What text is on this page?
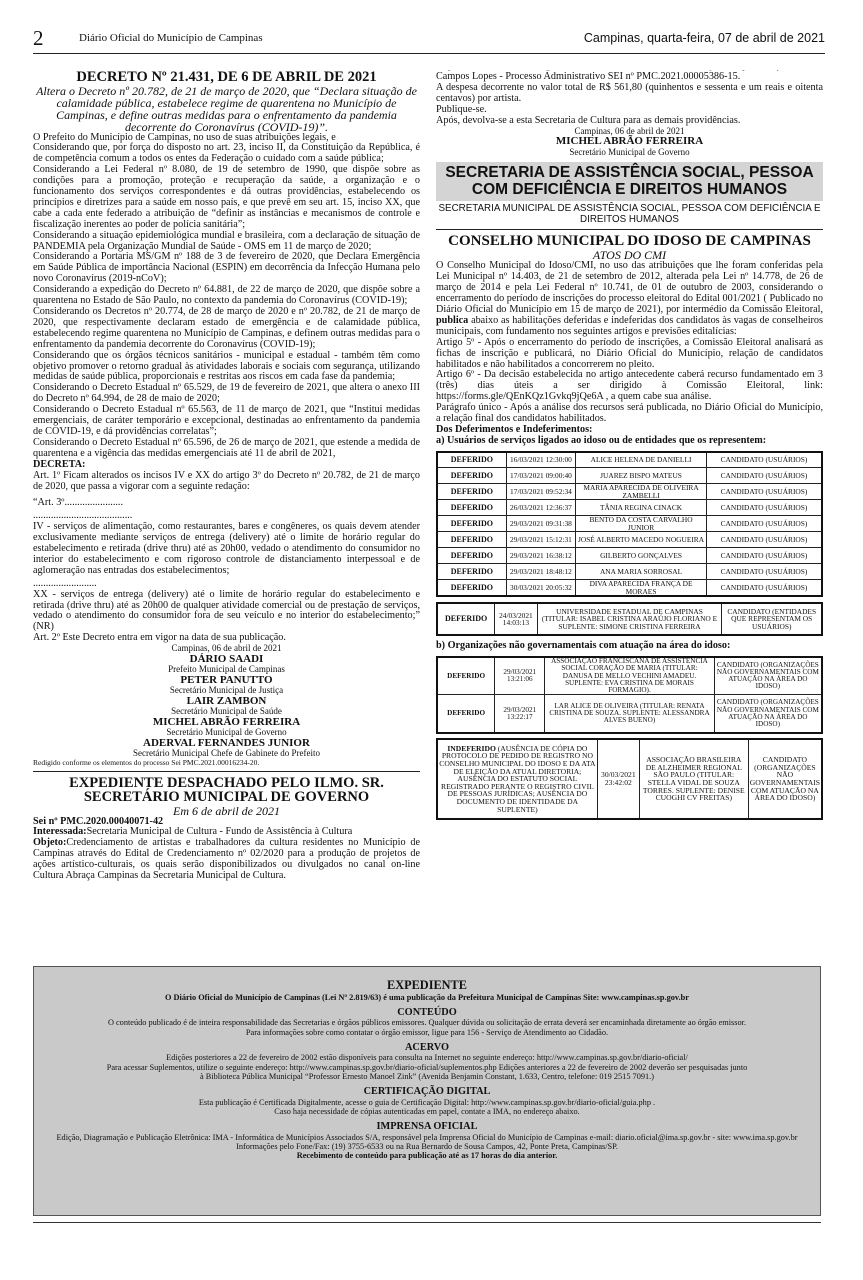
2	Diário Oficial do Município de Campinas	Campinas, quarta-feira, 07 de abril de 2021
DECRETO Nº 21.431, DE 6 DE ABRIL DE 2021
Altera o Decreto nº 20.782, de 21 de março de 2020, que “Declara situação de calamidade pública, estabelece regime de quarentena no Município de Campinas, e define outras medidas para o enfrentamento da pandemia decorrente do Coronavírus (COVID-19)”.

O Prefeito do Município de Campinas, no uso de suas atribuições legais, e

Considerando que, por força do disposto no art. 23, inciso II, da Constituição da República, é de competência comum a todos os entes da Federação o cuidado com a saúde pública;

Considerando a Lei Federal nº 8.080, de 19 de setembro de 1990, que dispõe sobre as condições para a promoção, proteção e recuperação da saúde, a organização e o funcionamento dos serviços correspondentes e dá outras providências, estabelecendo os princípios e diretrizes para a saúde em nosso país, e que prevê em seu art. 15, inciso XX, que cabe a cada ente federado a atribuição de “definir as instâncias e mecanismos de controle e fiscalização inerentes ao poder de polícia sanitária”;

Considerando a situação epidemiológica mundial e brasileira, com a declaração de situação de PANDEMIA pela Organização Mundial de Saúde - OMS em 11 de março de 2020;

Considerando a Portaria MS/GM nº 188 de 3 de fevereiro de 2020, que Declara Emergência em Saúde Pública de importância Nacional (ESPIN) em decorrência da Infecção Humana pelo novo Coronavírus (2019-nCoV);

Considerando a expedição do Decreto nº 64.881, de 22 de março de 2020, que dispõe sobre a quarentena no Estado de São Paulo, no contexto da pandemia do Coronavírus (COVID-19);

Considerando os Decretos nº 20.774, de 28 de março de 2020 e nº 20.782, de 21 de março de 2020, que respectivamente declaram estado de emergência e de calamidade pública, estabelecendo regime quarentena no Município de Campinas, e definem outras medidas para o enfrentamento da pandemia decorrente do Coronavírus (COVID-19);

Considerando que os órgãos técnicos sanitários - municipal e estadual - também têm como objetivo promover o retorno gradual às atividades laborais e sociais com segurança, utilizando medidas de saúde pública, proporcionais e restritas aos riscos em cada fase da pandemia;

Considerando o Decreto Estadual nº 65.529, de 19 de fevereiro de 2021, que altera o anexo III do Decreto nº 64.994, de 28 de maio de 2020;

Considerando o Decreto Estadual nº 65.563, de 11 de março de 2021, que “Institui medidas emergenciais, de caráter temporário e excepcional, destinadas ao enfrentamento da pandemia de COVID-19, e dá providências correlatas”;

Considerando o Decreto Estadual nº 65.596, de 26 de março de 2021, que estende a medida de quarentena e a vigência das medidas emergenciais até 11 de abril de 2021,

DECRETA:

Art. 1º Ficam alterados os incisos IV e XX do artigo 3º do Decreto nº 20.782, de 21 de março de 2020, que passa a vigorar com a seguinte redação:

“Art. 3º.......................

.......................................

IV - serviços de alimentação, como restaurantes, bares e congêneres, os quais devem atender exclusivamente mediante serviços de entrega (delivery) até o limite de horário regular do estabelecimento e retirada (drive thru) até as 20h00, vedado o atendimento do consumidor no interior do estabelecimento e com rigoroso controle de distanciamento interpessoal e de aglomeração nas entradas dos estabelecimentos;

.........................

XX - serviços de entrega (delivery) até o limite de horário regular do estabelecimento e retirada (drive thru) até as 20h00 de qualquer atividade comercial ou de prestação de serviços, vedado o atendimento do consumidor fora de seu veículo e no interior do estabelecimento;” (NR)

Art. 2º Este Decreto entra em vigor na data de sua publicação.

Campinas, 06 de abril de 2021
DÁRIO SAADI
Prefeito Municipal de Campinas
PETER PANUTTO
Secretário Municipal de Justiça
LAIR ZAMBON
Secretário Municipal de Saúde
MICHEL ABRÃO FERREIRA
Secretário Municipal de Governo
ADERVAL FERNANDES JUNIOR
Secretário Municipal Chefe de Gabinete do Prefeito

Redigido conforme os elementos do processo Sei PMC.2021.00016234-20.

EXPEDIENTE DESPACHADO PELO ILMO. SR. SECRETÁRIO MUNICIPAL DE GOVERNO
Em 6 de abril de 2021

Sei nº PMC.2020.00040071-42

Interessada:Secretaria Municipal de Cultura - Fundo de Assistência à Cultura

Objeto:Credenciamento de artistas e trabalhadores da cultura residentes no Município de Campinas através do Edital de Credenciamento nº 02/2020 para a produção de projetos de ações artístico-culturais, os quais serão disponibilizados ou divulgados no canal on-line Cultura Abraça Campinas da Secretaria Municipal de Cultura.

Campos Lopes - Processo Administrativo SEI nº PMC.2021.00005386-15.

A despesa decorrente no valor total de R$ 561,80 (quinhentos e sessenta e um reais e oitenta centavos) por artista.

Publique-se.

Após, devolva-se a esta Secretaria de Cultura para as demais providências.

Campinas, 06 de abril de 2021
MICHEL ABRÃO FERREIRA
Secretário Municipal de Governo
SECRETARIA DE ASSISTÊNCIA SOCIAL, PESSOA COM DEFICIÊNCIA E DIREITOS HUMANOS
SECRETARIA MUNICIPAL DE ASSISTÊNCIA SOCIAL, PESSOA COM DEFICIÊNCIA E DIREITOS HUMANOS
CONSELHO MUNICIPAL DO IDOSO DE CAMPINAS
ATOS DO CMI

O Conselho Municipal do Idoso/CMI, no uso das atribuições que lhe foram conferidas pela Lei Municipal nº 14.403, de 21 de setembro de 2012, alterada pela Lei nº 14.778, de 26 de março de 2014 e pela Lei Federal nº 10.741, de 01 de outubro de 2003, considerando o encerramento do período de inscrições do processo eleitoral do Edital 001/2021 ( Publicado no Diário Oficial do Município em 15 de março de 2021), por intermédio da Comissão Eleitoral, publica abaixo as habilitações deferidas e indeferidas dos candidatos às vagas de conselheiros municipais, com fundamento nos seguintes artigos e previsões editalícias:

Artigo 5º - Após o encerramento do período de inscrições, a Comissão Eleitoral analisará as fichas de inscrição e publicará, no Diário Oficial do Município, relação de candidatos habilitados e não habilitados a concorrerem no pleito.

Artigo 6º - Da decisão estabelecida no artigo antecedente caberá recurso fundamentado em 3 (três) dias úteis a ser dirigido à Comissão Eleitoral, link: https://forms.gle/QEnKQz1Gvkq9jQe6A , a quem cabe sua análise.

Parágrafo único - Após a análise dos recursos será publicada, no Diário Oficial do Município, a relação final dos candidatos habilitados.

Dos Deferimentos e Indeferimentos:

a) Usuários de serviços ligados ao idoso ou de entidades que os representem:

DEFERIDO	16/03/2021 12:30:00	ALICE HELENA DE DANIELLI	CANDIDATO (USUÁRIOS)
DEFERIDO	17/03/2021 09:00:40	JUAREZ BISPO MATEUS	CANDIDATO (USUÁRIOS)
DEFERIDO	17/03/2021 09:52:34	MARIA APARECIDA DE OLIVEIRA ZAMBELLI	CANDIDATO (USUÁRIOS)
DEFERIDO	26/03/2021 12:36:37	TÂNIA REGINA CINACK	CANDIDATO (USUÁRIOS)
DEFERIDO	29/03/2021 09:31:38	BENTO DA COSTA CARVALHO JUNIOR	CANDIDATO (USUÁRIOS)
DEFERIDO	29/03/2021 15:12:31	JOSÉ ALBERTO MACEDO NOGUEIRA	CANDIDATO (USUÁRIOS)
DEFERIDO	29/03/2021 16:38:12	GILBERTO GONÇALVES	CANDIDATO (USUÁRIOS)
DEFERIDO	29/03/2021 18:48:12	ANA MARIA SORROSAL	CANDIDATO (USUÁRIOS)
DEFERIDO	30/03/2021 20:05:32	DIVA APARECIDA FRANÇA DE MORAES	CANDIDATO (USUÁRIOS)
DEFERIDO	24/03/2021 14:03:13	UNIVERSIDADE ESTADUAL DE CAMPINAS (TITULAR: ISABEL CRISTINA ARAÚJO FLORIANO E SUPLENTE: SIMONE CRISTINA FERREIRA	CANDIDATO (ENTIDADES QUE REPRESENTAM OS USUÁRIOS)

b) Organizações não governamentais com atuação na área do idoso:

DEFERIDO	29/03/2021 13:21:06	ASSOCIAÇÃO FRANCISCANA DE ASSISTÊNCIA SOCIAL CORAÇÃO DE MARIA (TITULAR: DANUSA DE MELLO VECHINI AMADEU. SUPLENTE: EVA CRISTINA DE MORAIS FORMAGIO).	CANDIDATO (ORGANIZAÇÕES NÃO GOVERNAMENTAIS COM ATUAÇÃO NA ÁREA DO IDOSO)
DEFERIDO	29/03/2021 13:22:17	LAR ALICE DE OLIVEIRA (TITULAR: RENATA CRISTINA DE SOUZA. SUPLENTE: ALESSANDRA ALVES BUENO)	CANDIDATO (ORGANIZAÇÕES NÃO GOVERNAMENTAIS COM ATUAÇÃO NA ÁREA DO IDOSO)
INDEFERIDO (AUSÊNCIA DE CÓPIA DO PROTOCOLO DE PEDIDO DE REGISTRO NO CONSELHO MUNICIPAL DO IDOSO E DA ATA DE ELEIÇÃO DA ATUAL DIRETORIA; AUSÊNCIA DO ESTATUTO SOCIAL REGISTRADO PERANTE O REGISTRO CIVIL DE PESSOAS JURÍDICAS; AUSÊNCIA DO DOCUMENTO DE IDENTIDADE DA SUPLENTE)	30/03/2021 23:42:02	ASSOCIAÇÃO BRASILEIRA DE ALZHEIMER REGIONAL SÃO PAULO (TITULAR: STELLA VIDAL DE SOUZA TORRES. SUPLENTE: DENISE CUOGHI CV FREITAS)	CANDIDATO (ORGANIZAÇÕES NÃO GOVERNAMENTAIS COM ATUAÇÃO NA ÁREA DO IDOSO)
EXPEDIENTE
O Diário Oficial do Município de Campinas (Lei Nº 2.819/63) é uma publicação da Prefeitura Municipal de Campinas Site: www.campinas.sp.gov.br
CONTEÚDO
O conteúdo publicado é de inteira responsabilidade das Secretarias e órgãos públicos emissores. Qualquer dúvida ou solicitação de errata deverá ser encaminhada diretamente ao órgão emissor.
Para informações sobre como contatar o órgão emissor, ligue para 156 - Serviço de Atendimento ao Cidadão.
ACERVO
Edições posteriores a 22 de fevereiro de 2002 estão disponíveis para consulta na Internet no seguinte endereço: http://www.campinas.sp.gov.br/diario-oficial/
Para acessar Suplementos, utilize o seguinte endereço: http://www.campinas.sp.gov.br/diario-oficial/suplementos.php Edições anteriores a 22 de fevereiro de 2002 deverão ser pesquisadas junto à Biblioteca Pública Municipal “Professor Ernesto Manoel Zink” (Avenida Benjamin Constant, 1.633, Centro, telefone: 019 2515 7091.)
CERTIFICAÇÃO DIGITAL
Esta publicação é Certificada Digitalmente, acesse o guia de Certificação Digital: http://www.campinas.sp.gov.br/diario-oficial/guia.php .
Caso haja necessidade de cópias autenticadas em papel, contate a IMA, no endereço abaixo.
IMPRENSA OFICIAL
Edição, Diagramação e Publicação Eletrônica: IMA - Informática de Municípios Associados S/A, responsável pela Imprensa Oficial do Município de Campinas e-mail: diario.oficial@ima.sp.gov.br - site: www.ima.sp.gov.br Informações pelo Fone/Fax: (19) 3755-6533 ou na Rua Bernardo de Sousa Campos, 42, Ponte Preta, Campinas/SP.
Recebimento de conteúdo para publicação até as 17 horas do dia anterior.
